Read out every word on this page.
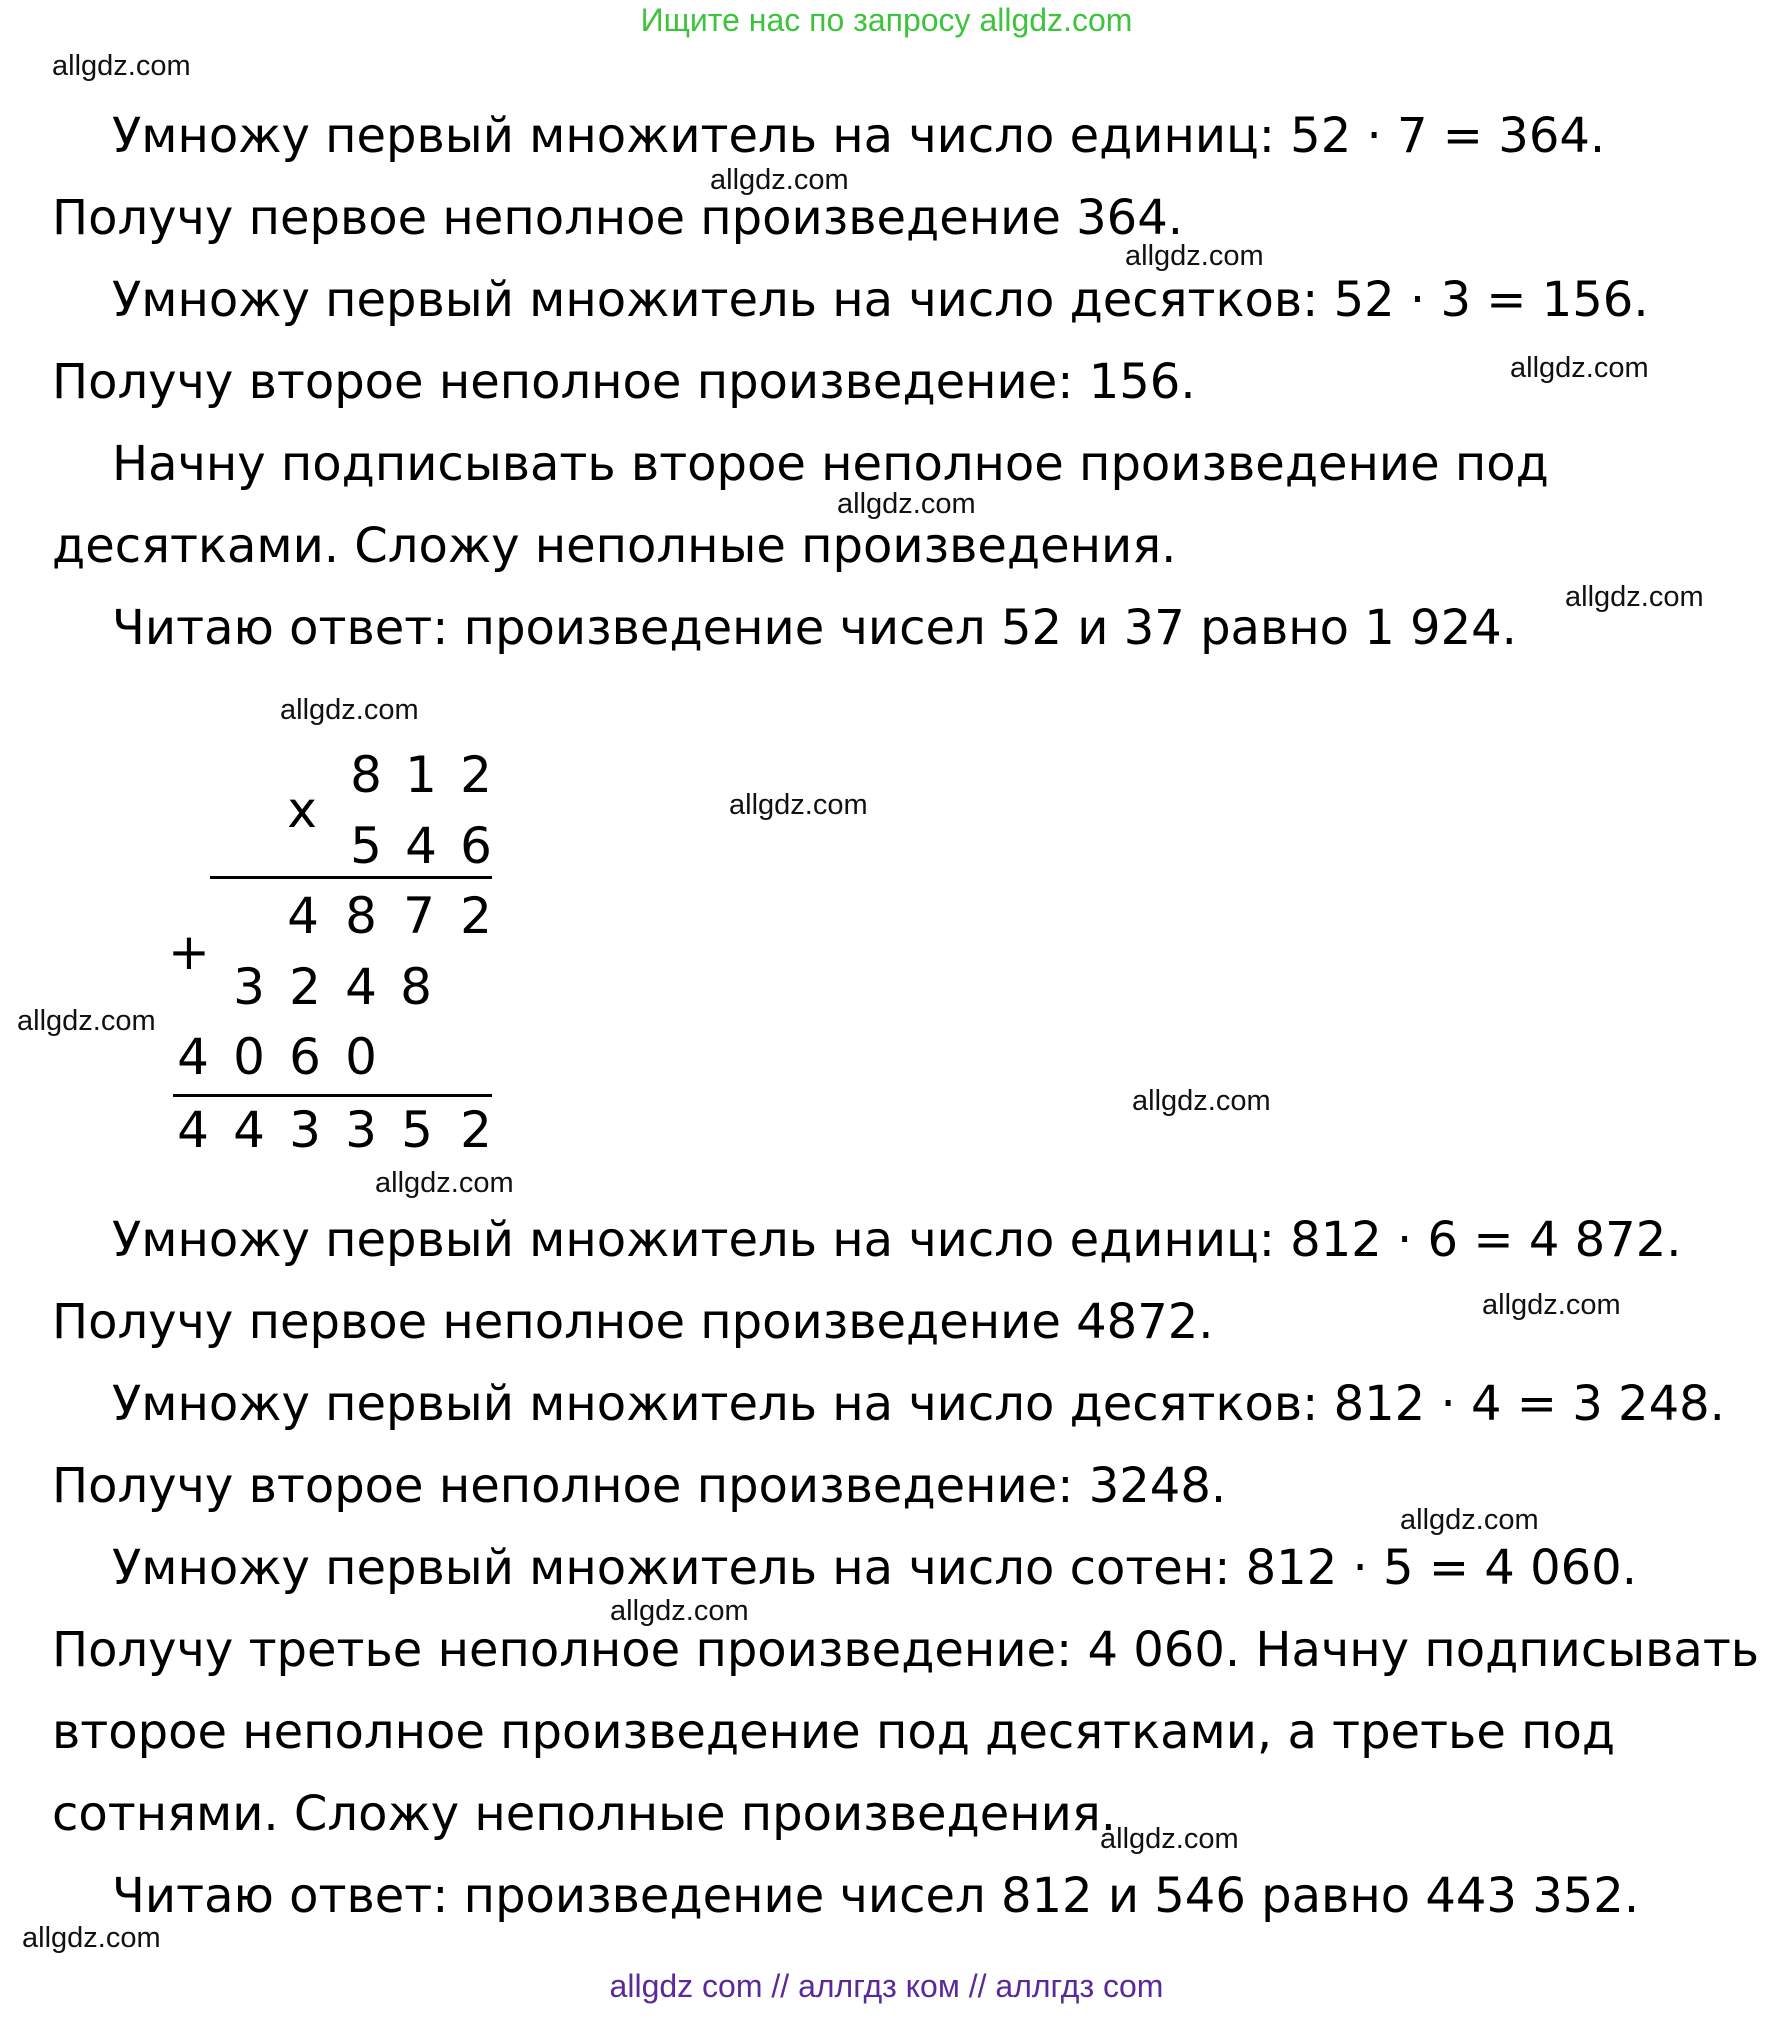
Ищите нас по запросу allgdz.com
Умножу первый множитель на число единиц: 52 · 7 = 364.
Получу первое неполное произведение 364.
Умножу первый множитель на число десятков: 52 · 3 = 156.
Получу второе неполное произведение: 156.
Начну подписывать второе неполное произведение под
десятками. Сложу неполные произведения.
Читаю ответ: произведение чисел 52 и 37 равно 1 924.
x
+
8 1 2
5 4 6
4 8 7 2
3 2 4 8
4 0 6 0
4 4 3 3 5 2
Умножу первый множитель на число единиц: 812 · 6 = 4 872.
Получу первое неполное произведение 4872.
Умножу первый множитель на число десятков: 812 · 4 = 3 248.
Получу второе неполное произведение: 3248.
Умножу первый множитель на число сотен: 812 · 5 = 4 060.
Получу третье неполное произведение: 4 060. Начну подписывать
второе неполное произведение под десятками, а третье под
сотнями. Сложу неполные произведения.
Читаю ответ: произведение чисел 812 и 546 равно 443 352.
allgdz.com
allgdz.com
allgdz.com
allgdz.com
allgdz.com
allgdz.com
allgdz.com
allgdz.com
allgdz.com
allgdz.com
allgdz.com
allgdz.com
allgdz.com
allgdz.com
allgdz.com
allgdz.com
allgdz com // аллгдз ком // аллгдз com
